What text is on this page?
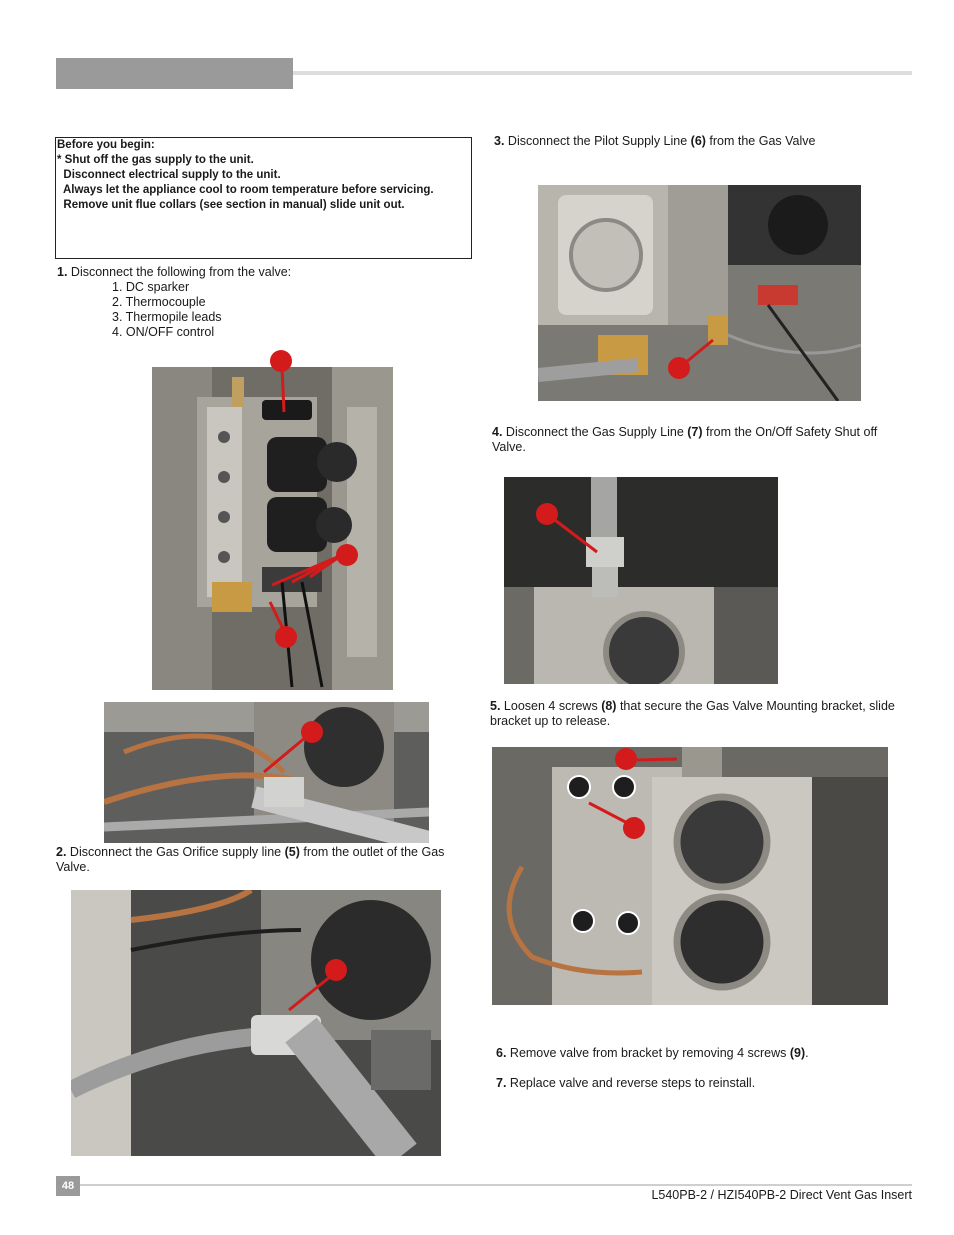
Before you begin:
* Shut off the gas supply to the unit.
Disconnect electrical supply to the unit.
Always let the appliance cool to room temperature before servicing.
Remove unit flue collars (see section in manual) slide unit out.
1. Disconnect the following from the valve:
1. DC sparker
2. Thermocouple
3. Thermopile leads
4. ON/OFF control
2. Disconnect the Gas Orifice supply line (5) from the outlet of the Gas Valve.
3. Disconnect the Pilot Supply Line (6) from the Gas Valve
4. Disconnect the Gas Supply Line (7) from the On/Off Safety Shut off Valve.
5. Loosen 4 screws (8) that secure the Gas Valve Mounting bracket, slide bracket up to release.
6. Remove valve from bracket by removing 4 screws (9).
7. Replace valve and reverse steps to reinstall.
48
L540PB-2 / HZI540PB-2 Direct Vent Gas Insert
